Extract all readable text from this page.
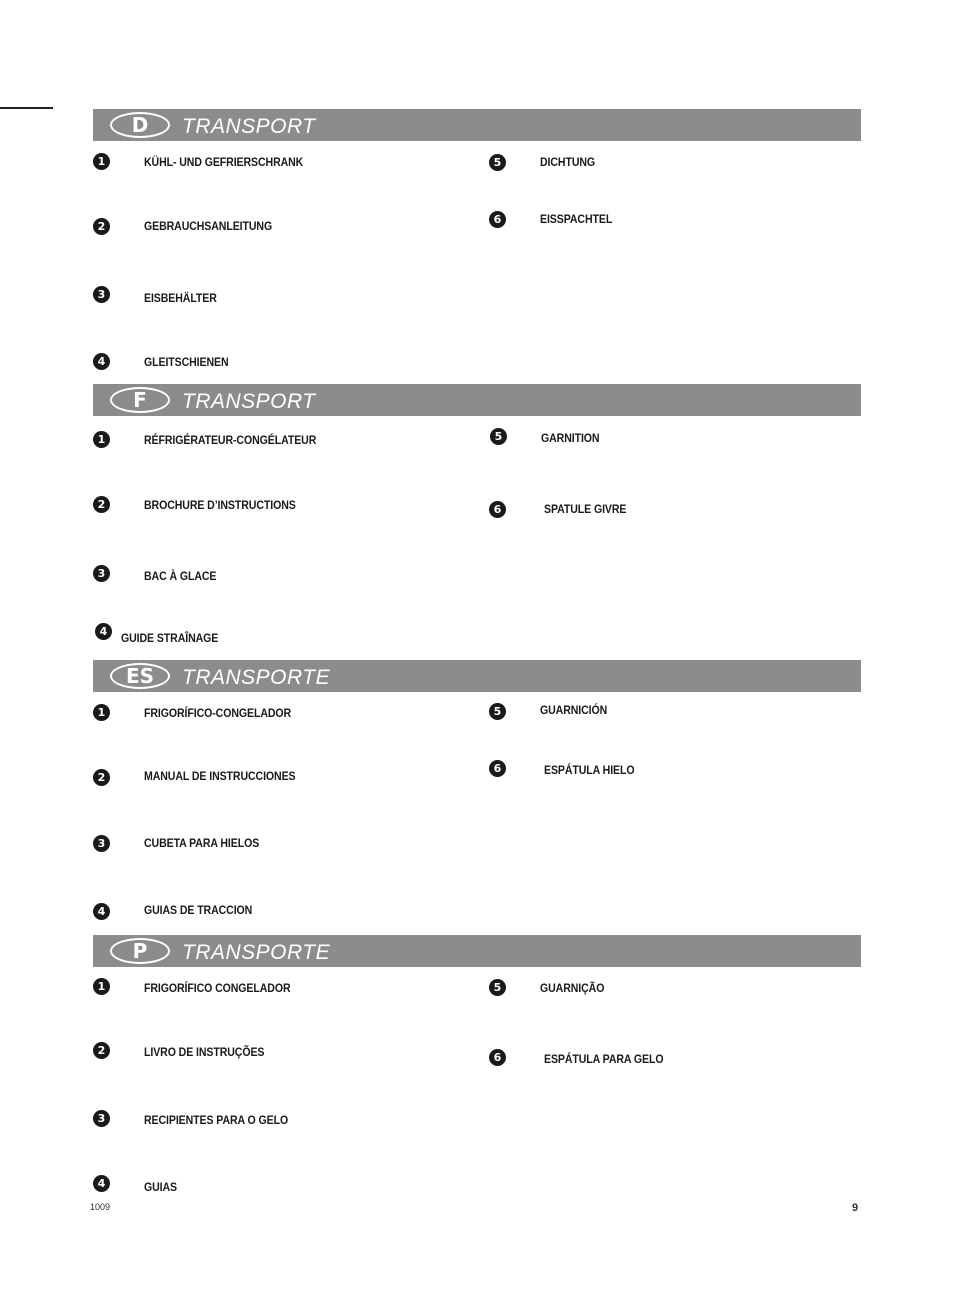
D	TRANSPORT
1	KÜHL- UND GEFRIERSCHRANK
2	GEBRAUCHSANLEITUNG
3	EISBEHÄLTER
4	GLEITSCHIENEN
5	DICHTUNG
6	EISSPACHTEL
F	TRANSPORT
1	RÉFRIGÉRATEUR-CONGÉLATEUR
2	BROCHURE D’INSTRUCTIONS
3	BAC À GLACE
4	GUIDE STRAÎNAGE
5	GARNITION
6	SPATULE GIVRE
ES	TRANSPORTE
1	FRIGORÍFICO-CONGELADOR
2	MANUAL DE INSTRUCCIONES
3	CUBETA PARA HIELOS
4	GUIAS DE TRACCION
5	GUARNICIÓN
6	ESPÁTULA HIELO
P	TRANSPORTE
1	FRIGORÍFICO CONGELADOR
2	LIVRO DE INSTRUÇÕES
3	RECIPIENTES PARA O GELO
4	GUIAS
5	GUARNIÇÃO
6	ESPÁTULA PARA GELO
1009	9
